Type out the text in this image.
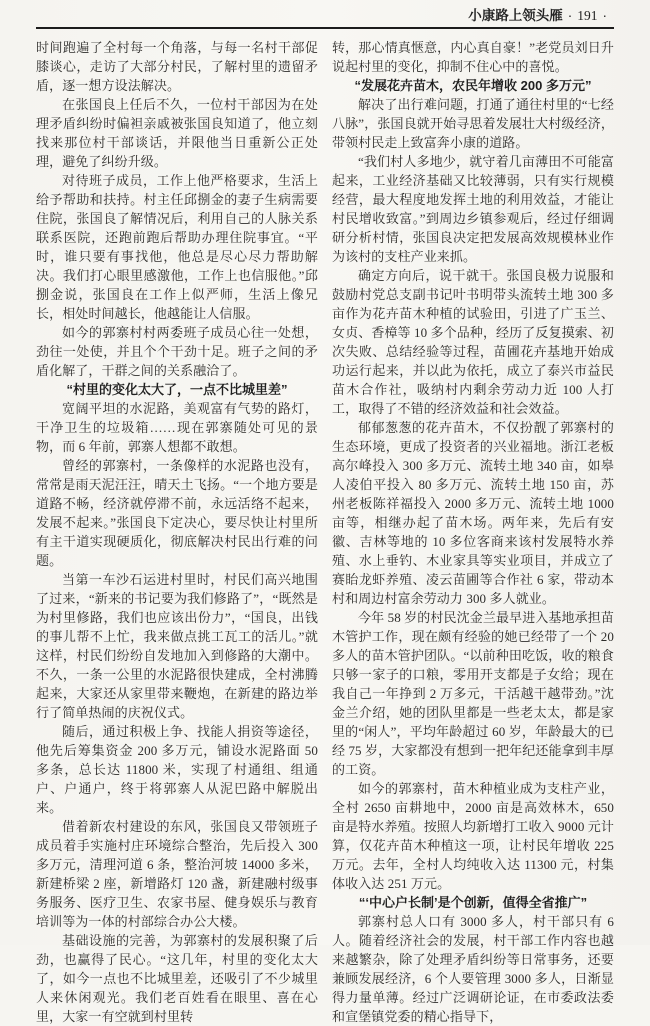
小康路上领头雁 · 191 ·

时间跑遍了全村每一个角落，与每一名村干部促膝谈心，走访了大部分村民，了解村里的遗留矛盾，逐一想方设法解决。

在张国良上任后不久，一位村干部因为在处理矛盾纠纷时偏袒亲戚被张国良知道了，他立刻找来那位村干部谈话，并限他当日重新公正处理，避免了纠纷升级。

对待班子成员，工作上他严格要求，生活上给予帮助和扶持。村主任邱捌金的妻子生病需要住院，张国良了解情况后，利用自己的人脉关系联系医院，还跑前跑后帮助办理住院事宜。“平时，谁只要有事找他，他总是尽心尽力帮助解决。我们打心眼里感激他，工作上也信服他。”邱捌金说，张国良在工作上似严师，生活上像兄长，相处时间越长，他越能让人信服。

如今的郭寨村村两委班子成员心往一处想，劲往一处使，并且个个干劲十足。班子之间的矛盾化解了，干群之间的关系融洽了。

“村里的变化太大了，一点不比城里差”

宽阔平坦的水泥路，美观富有气势的路灯，干净卫生的垃圾箱……现在郭寨随处可见的景物，而 6 年前，郭寨人想都不敢想。

曾经的郭寨村，一条像样的水泥路也没有，常常是雨天泥汪汪，晴天土飞扬。“一个地方要是道路不畅，经济就停滞不前，永远活络不起来，发展不起来。”张国良下定决心，要尽快让村里所有主干道实现硬质化，彻底解决村民出行难的问题。

当第一车沙石运进村里时，村民们高兴地围了过来，“新来的书记要为我们修路了”，“既然是为村里修路，我们也应该出份力”，“国良，出钱的事儿帮不上忙，我来做点挑工瓦工的活儿。”就这样，村民们纷纷自发地加入到修路的大潮中。不久，一条一公里的水泥路很快建成，全村沸腾起来，大家还从家里带来鞭炮，在新建的路边举行了简单热闹的庆祝仪式。

随后，通过积极上争、找能人捐资等途径，他先后筹集资金 200 多万元，铺设水泥路面 50 多条，总长达 11800 米，实现了村通组、组通户、户通户，终于将郭寨人从泥巴路中解脱出来。

借着新农村建设的东风，张国良又带领班子成员着手实施村庄环境综合整治，先后投入 300 多万元，清理河道 6 条，整治河坡 14000 多米，新建桥梁 2 座，新增路灯 120 盏，新建融村级事务服务、医疗卫生、农家书屋、健身娱乐与教育培训等为一体的村部综合办公大楼。

基础设施的完善，为郭寨村的发展积聚了后劲，也赢得了民心。“这几年，村里的变化太大了，如今一点也不比城里差，还吸引了不少城里人来休闲观光。我们老百姓看在眼里、喜在心里，大家一有空就到村里转

转，那心情真惬意，内心真自豪！”老党员刘日升说起村里的变化，抑制不住心中的喜悦。

“发展花卉苗木，农民年增收 200 多万元”

解决了出行难问题，打通了通往村里的“七经八脉”，张国良就开始寻思着发展壮大村级经济，带领村民走上致富奔小康的道路。

“我们村人多地少，就守着几亩薄田不可能富起来，工业经济基础又比较薄弱，只有实行规模经营，最大程度地发挥土地的利用效益，才能让村民增收致富。”到周边乡镇参观后，经过仔细调研分析村情，张国良决定把发展高效规模林业作为该村的支柱产业来抓。

确定方向后，说干就干。张国良极力说服和鼓励村党总支副书记叶书明带头流转土地 300 多亩作为花卉苗木种植的试验田，引进了广玉兰、女贞、香樟等 10 多个品种，经历了反复摸索、初次失败、总结经验等过程，苗圃花卉基地开始成功运行起来，并以此为依托，成立了泰兴市益民苗木合作社，吸纳村内剩余劳动力近 100 人打工，取得了不错的经济效益和社会效益。

郁郁葱葱的花卉苗木，不仅扮靓了郭寨村的生态环境，更成了投资者的兴业福地。浙江老板高尔峰投入 300 多万元、流转土地 340 亩，如皋人凌伯平投入 80 多万元、流转土地 150 亩，苏州老板陈祥福投入 2000 多万元、流转土地 1000 亩等，相继办起了苗木场。两年来，先后有安徽、吉林等地的 10 多位客商来该村发展特水养殖、水上垂钓、木业家具等实业项目，并成立了赛眙龙虾养殖、凌云苗圃等合作社 6 家，带动本村和周边村富余劳动力 300 多人就业。

今年 58 岁的村民沈金兰最早进入基地承担苗木管护工作，现在颇有经验的她已经带了一个 20 多人的苗木管护团队。“以前种田吃饭，收的粮食只够一家子的口粮，零用开支都是子女给；现在我自己一年挣到 2 万多元，干活越干越带劲。”沈金兰介绍，她的团队里都是一些老太太，都是家里的“闲人”，平均年龄超过 60 岁，年龄最大的已经 75 岁，大家都没有想到一把年纪还能拿到丰厚的工资。

如今的郭寨村，苗木种植业成为支柱产业，全村 2650 亩耕地中，2000 亩是高效林木，650 亩是特水养殖。按照人均新增打工收入 9000 元计算，仅花卉苗木种植这一项，让村民年增收 225 万元。去年，全村人均纯收入达 11300 元，村集体收入达 251 万元。

“‘中心户长制’是个创新，值得全省推广”

郭寨村总人口有 3000 多人，村干部只有 6 人。随着经济社会的发展，村干部工作内容也越来越繁杂，除了处理矛盾纠纷等日常事务，还要兼顾发展经济，6 个人要管理 3000 多人，日渐显得力量单薄。经过广泛调研论证，在市委政法委和宣堡镇党委的精心指导下，
